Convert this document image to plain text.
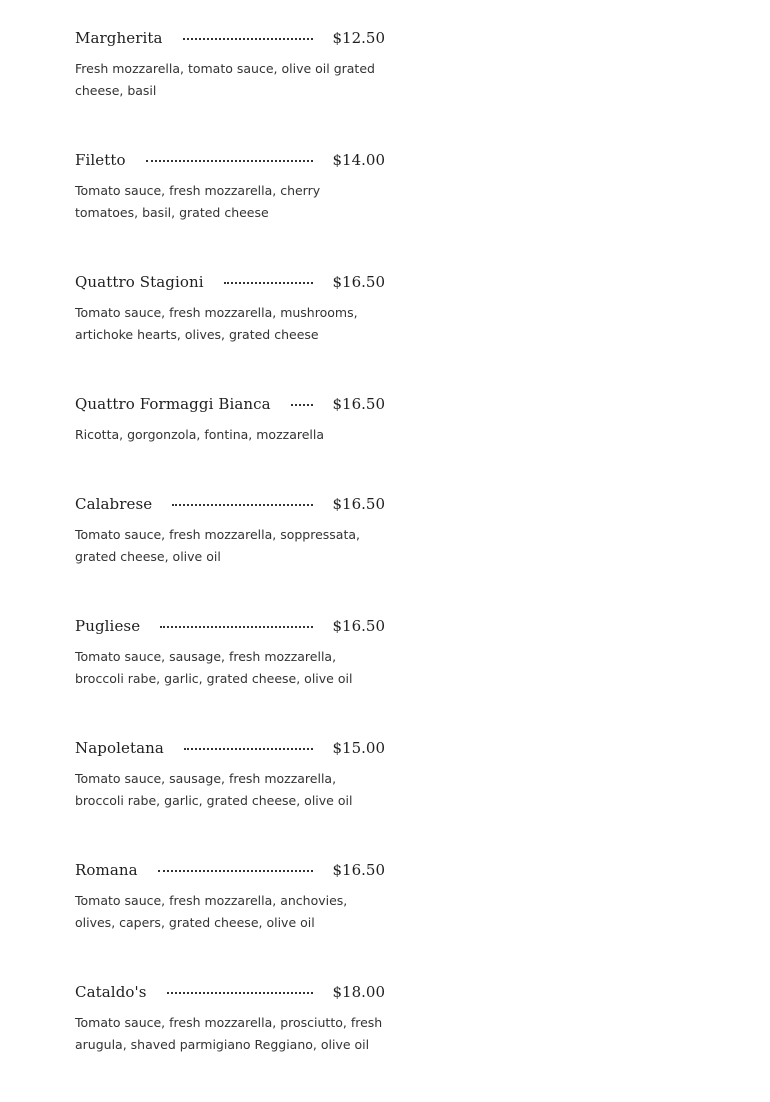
Margherita	$12.50
Fresh mozzarella, tomato sauce, olive oil grated cheese, basil
Filetto	$14.00
Tomato sauce, fresh mozzarella, cherry tomatoes, basil, grated cheese
Quattro Stagioni	$16.50
Tomato sauce, fresh mozzarella, mushrooms, artichoke hearts, olives, grated cheese
Quattro Formaggi Bianca	$16.50
Ricotta, gorgonzola, fontina, mozzarella
Calabrese	$16.50
Tomato sauce, fresh mozzarella, soppressata, grated cheese, olive oil
Pugliese	$16.50
Tomato sauce, sausage, fresh mozzarella, broccoli rabe, garlic, grated cheese, olive oil
Napoletana	$15.00
Tomato sauce, sausage, fresh mozzarella, broccoli rabe, garlic, grated cheese, olive oil
Romana	$16.50
Tomato sauce, fresh mozzarella, anchovies, olives, capers, grated cheese, olive oil
Cataldo's	$18.00
Tomato sauce, fresh mozzarella, prosciutto, fresh arugula, shaved parmigiano Reggiano, olive oil
